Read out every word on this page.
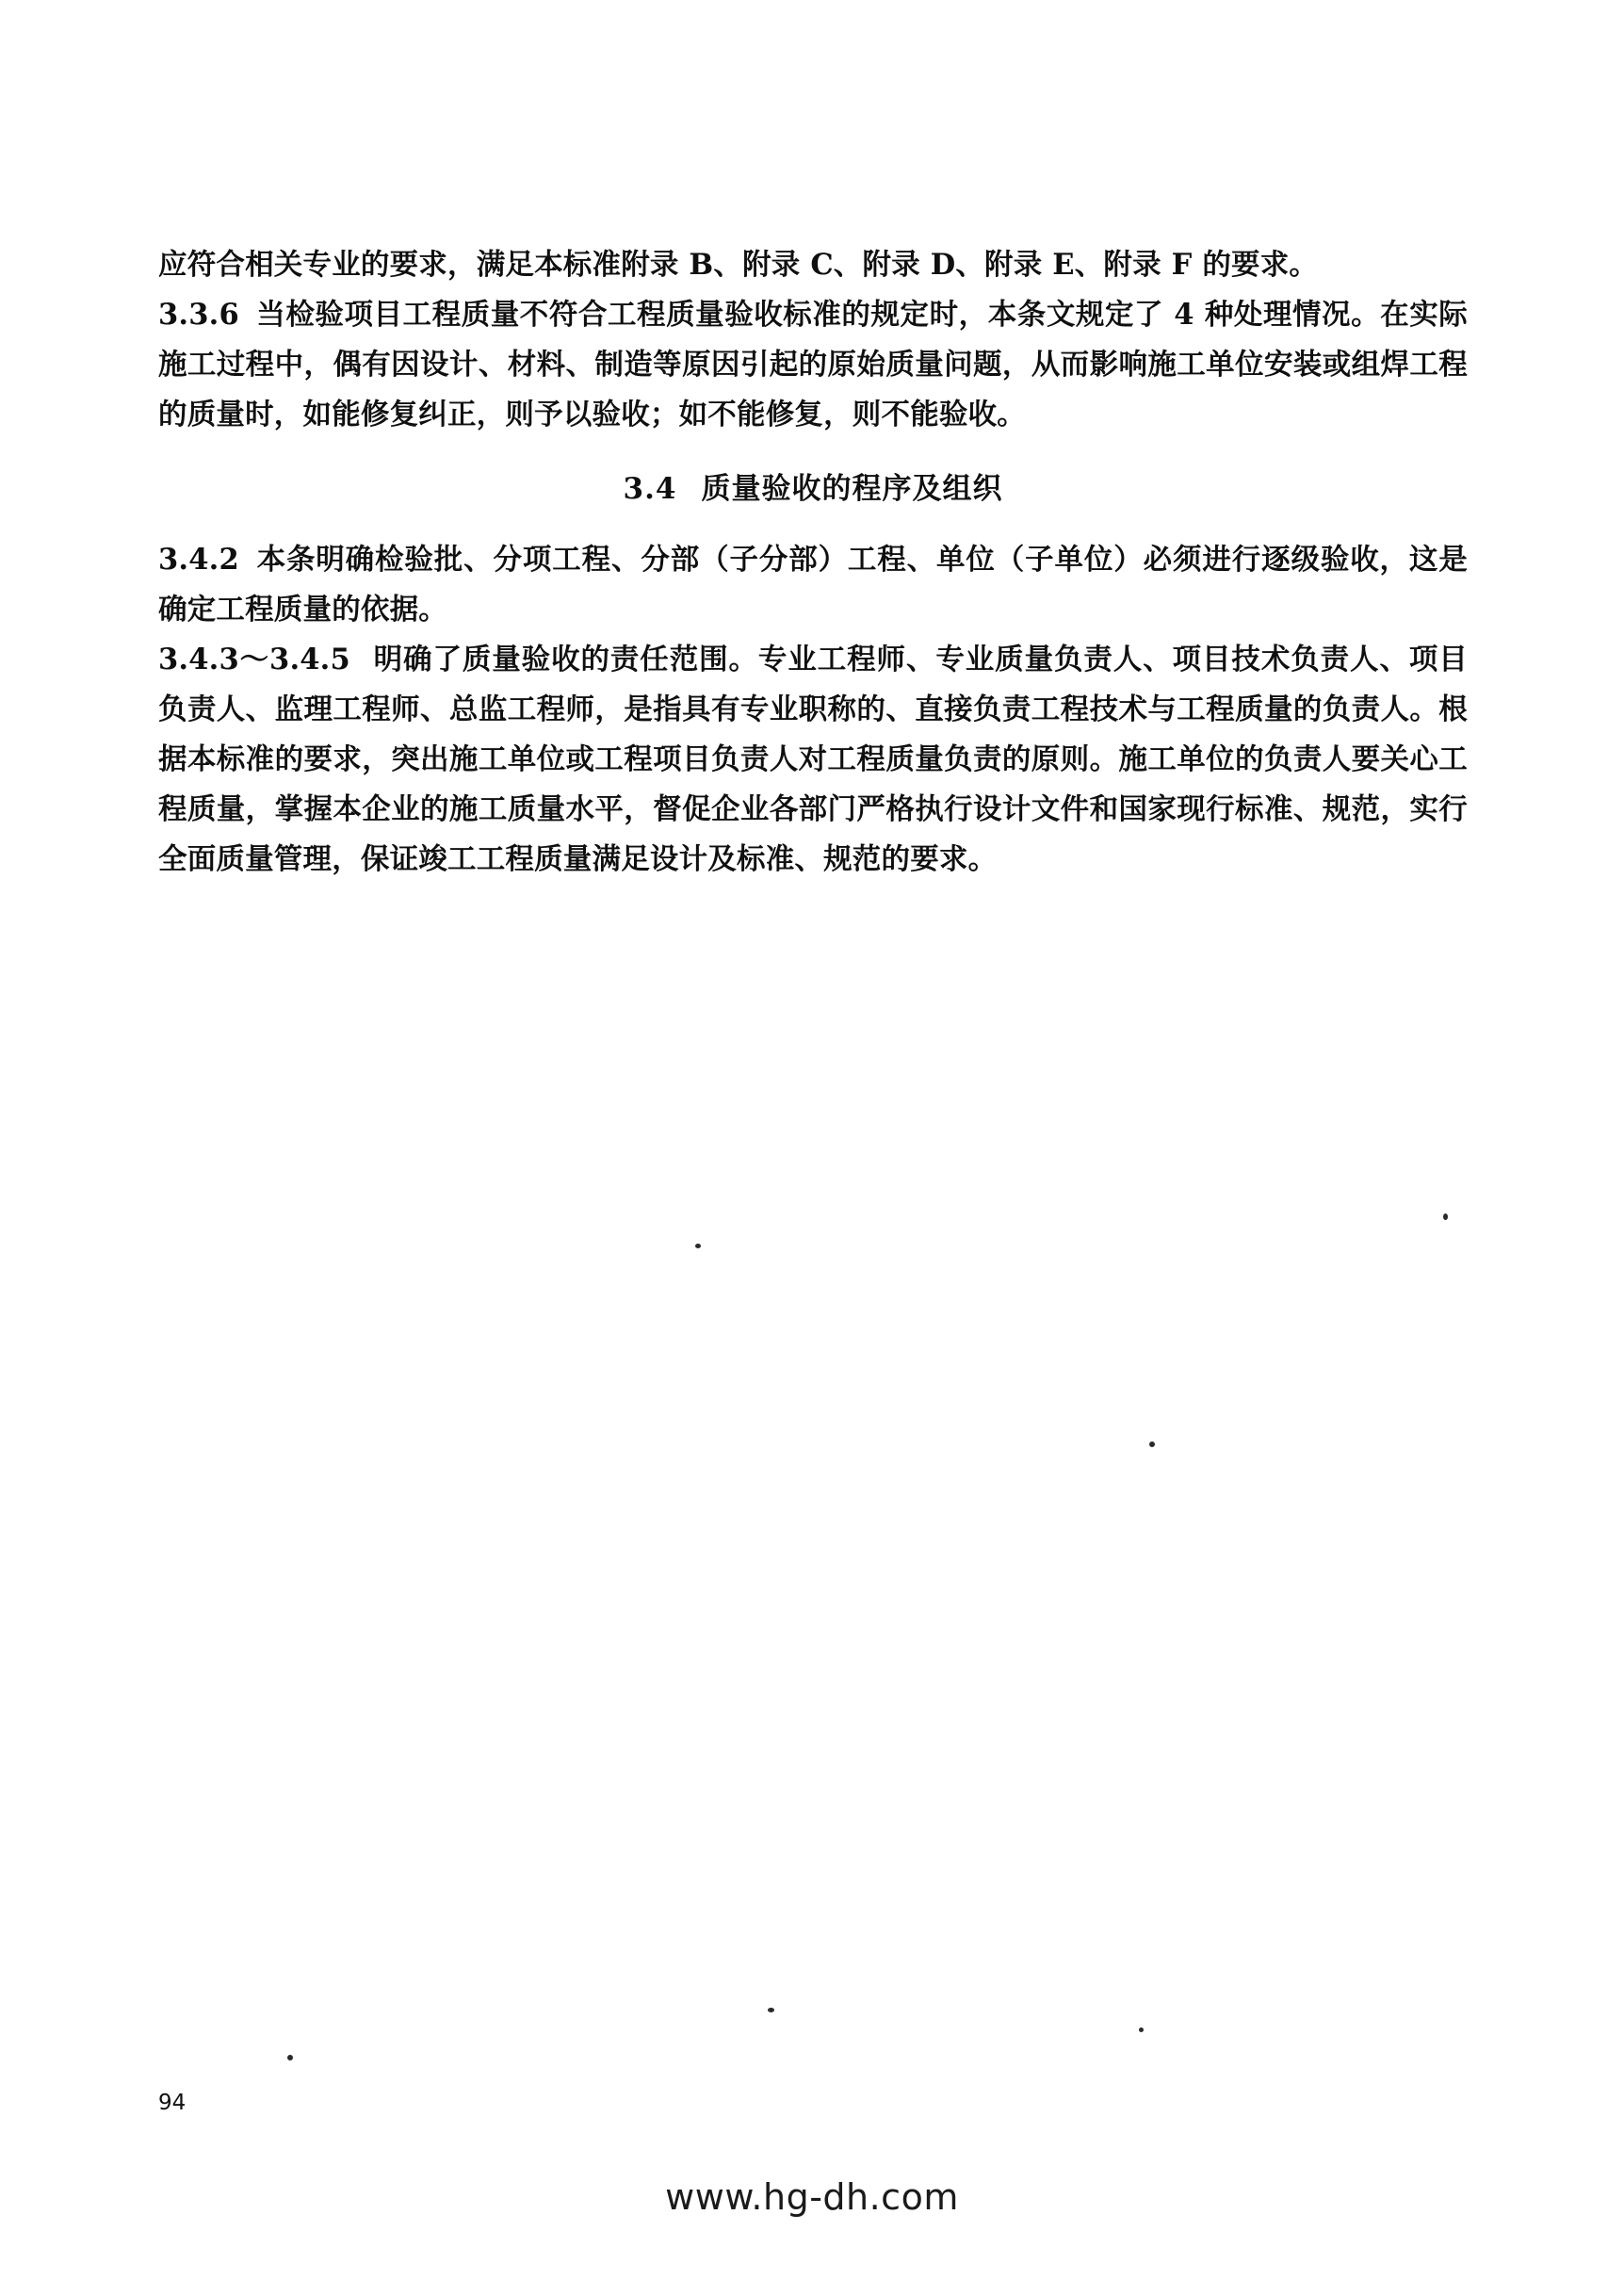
应符合相关专业的要求，满足本标准附录 B、附录 C、附录 D、附录 E、附录 F 的要求。

3.3.6 当检验项目工程质量不符合工程质量验收标准的规定时，本条文规定了 4 种处理情况。在实际施工过程中，偶有因设计、材料、制造等原因引起的原始质量问题，从而影响施工单位安装或组焊工程的质量时，如能修复纠正，则予以验收；如不能修复，则不能验收。

3.4 质量验收的程序及组织

3.4.2 本条明确检验批、分项工程、分部（子分部）工程、单位（子单位）必须进行逐级验收，这是确定工程质量的依据。

3.4.3～3.4.5 明确了质量验收的责任范围。专业工程师、专业质量负责人、项目技术负责人、项目负责人、监理工程师、总监工程师，是指具有专业职称的、直接负责工程技术与工程质量的负责人。根据本标准的要求，突出施工单位或工程项目负责人对工程质量负责的原则。施工单位的负责人要关心工程质量，掌握本企业的施工质量水平，督促企业各部门严格执行设计文件和国家现行标准、规范，实行全面质量管理，保证竣工工程质量满足设计及标准、规范的要求。

94
www.hg-dh.com
